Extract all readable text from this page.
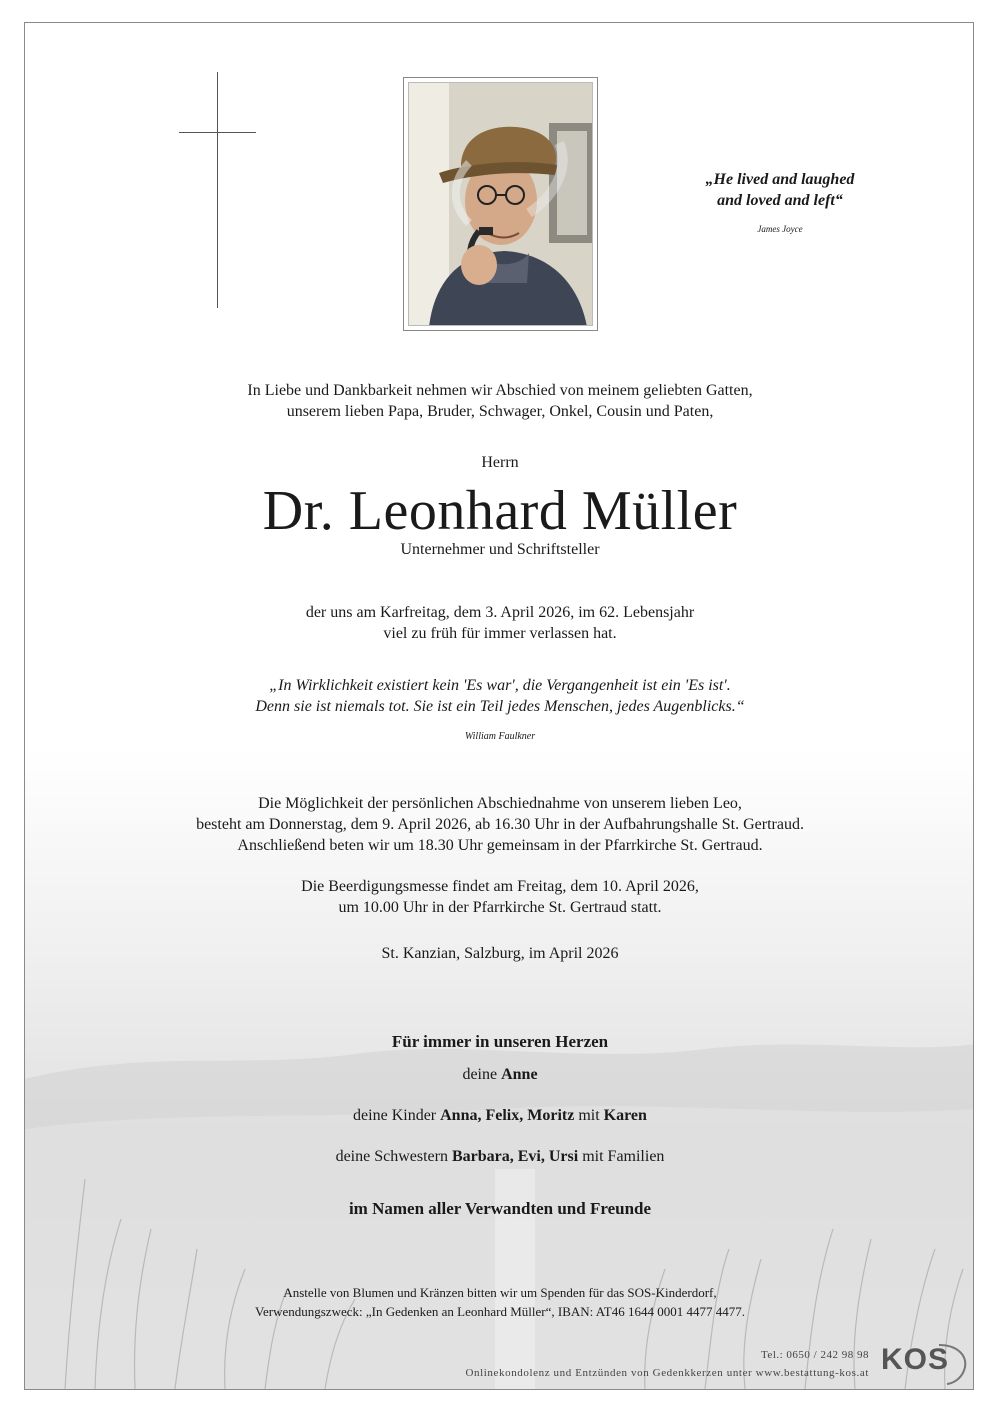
„He lived and laughed
and loved and left“
James Joyce
In Liebe und Dankbarkeit nehmen wir Abschied von meinem geliebten Gatten,
unserem lieben Papa, Bruder, Schwager, Onkel, Cousin und Paten,
Herrn
Dr. Leonhard Müller
Unternehmer und Schriftsteller
der uns am Karfreitag, dem 3. April 2026, im 62. Lebensjahr
viel zu früh für immer verlassen hat.
„In Wirklichkeit existiert kein 'Es war', die Vergangenheit ist ein 'Es ist'.
Denn sie ist niemals tot. Sie ist ein Teil jedes Menschen, jedes Augenblicks.“
William Faulkner
Die Möglichkeit der persönlichen Abschiednahme von unserem lieben Leo,
besteht am Donnerstag, dem 9. April 2026, ab 16.30 Uhr in der Aufbahrungshalle St. Gertraud.
Anschließend beten wir um 18.30 Uhr gemeinsam in der Pfarrkirche St. Gertraud.
Die Beerdigungsmesse findet am Freitag, dem 10. April 2026,
um 10.00 Uhr in der Pfarrkirche St. Gertraud statt.
St. Kanzian, Salzburg, im April 2026
Für immer in unseren Herzen
deine Anne
deine Kinder Anna, Felix, Moritz mit Karen
deine Schwestern Barbara, Evi, Ursi mit Familien
im Namen aller Verwandten und Freunde
Anstelle von Blumen und Kränzen bitten wir um Spenden für das SOS-Kinderdorf,
Verwendungszweck: „In Gedenken an Leonhard Müller“, IBAN: AT46 1644 0001 4477 4477.
Tel.: 0650 / 242 98 98
Onlinekondolenz und Entzünden von Gedenkkerzen unter www.bestattung-kos.at KOS
